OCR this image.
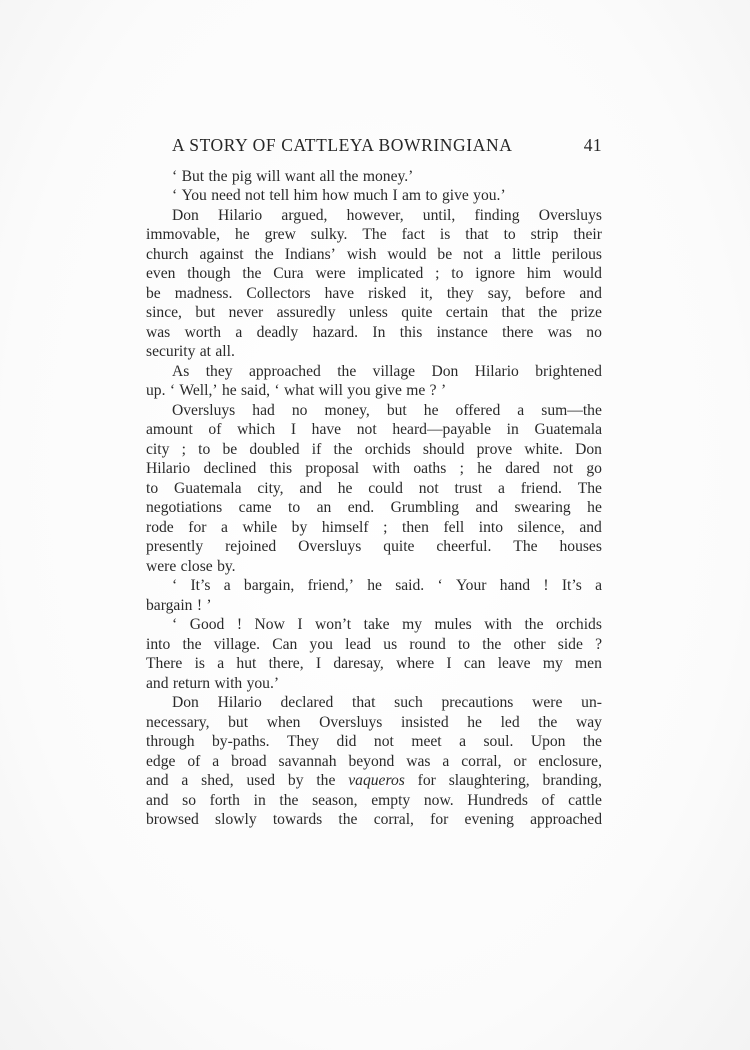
A STORY OF CATTLEYA BOWRINGIANA	41
‘ But the pig will want all the money.’
‘ You need not tell him how much I am to give you.’
Don Hilario argued, however, until, finding Oversluys
immovable, he grew sulky. The fact is that to strip their
church against the Indians’ wish would be not a little perilous
even though the Cura were implicated ; to ignore him would
be madness. Collectors have risked it, they say, before and
since, but never assuredly unless quite certain that the prize
was worth a deadly hazard. In this instance there was no
security at all.
As they approached the village Don Hilario brightened
up. ‘ Well,’ he said, ‘ what will you give me ? ’
Oversluys had no money, but he offered a sum—the
amount of which I have not heard—payable in Guatemala
city ; to be doubled if the orchids should prove white. Don
Hilario declined this proposal with oaths ; he dared not go
to Guatemala city, and he could not trust a friend. The
negotiations came to an end. Grumbling and swearing he
rode for a while by himself ; then fell into silence, and
presently rejoined Oversluys quite cheerful. The houses
were close by.
‘ It’s a bargain, friend,’ he said. ‘ Your hand ! It’s a
bargain ! ’
‘ Good ! Now I won’t take my mules with the orchids
into the village. Can you lead us round to the other side ?
There is a hut there, I daresay, where I can leave my men
and return with you.’
Don Hilario declared that such precautions were un-
necessary, but when Oversluys insisted he led the way
through by-paths. They did not meet a soul. Upon the
edge of a broad savannah beyond was a corral, or enclosure,
and a shed, used by the vaqueros for slaughtering, branding,
and so forth in the season, empty now. Hundreds of cattle
browsed slowly towards the corral, for evening approached
